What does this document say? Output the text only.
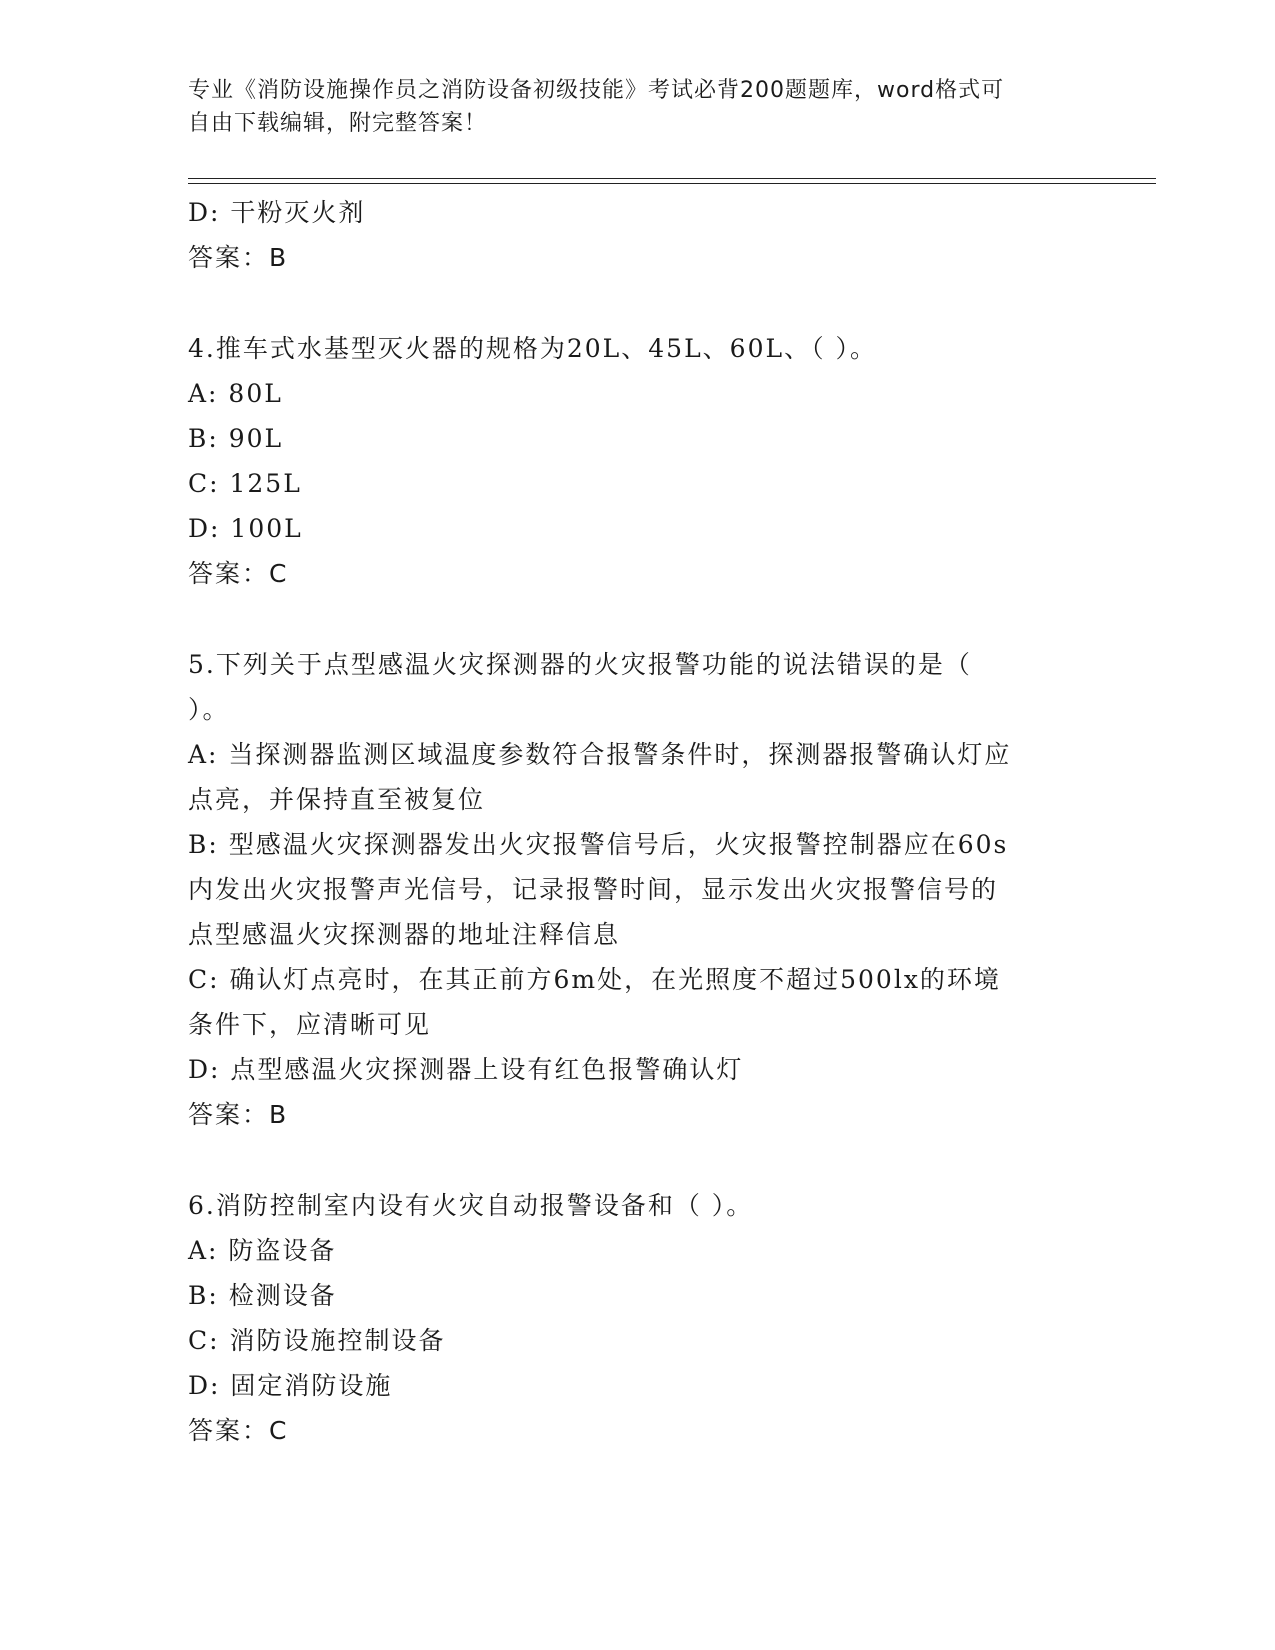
专业《消防设施操作员之消防设备初级技能》考试必背200题题库，word格式可
自由下载编辑，附完整答案！
D: 干粉灭火剂
答案：B
4.推车式水基型灭火器的规格为20L、45L、60L、（ ）。
A: 80L
B: 90L
C: 125L
D: 100L
答案：C
5.下列关于点型感温火灾探测器的火灾报警功能的说法错误的是（
）。
A: 当探测器监测区域温度参数符合报警条件时，探测器报警确认灯应
点亮，并保持直至被复位
B: 型感温火灾探测器发出火灾报警信号后，火灾报警控制器应在60s
内发出火灾报警声光信号，记录报警时间，显示发出火灾报警信号的
点型感温火灾探测器的地址注释信息
C: 确认灯点亮时，在其正前方6m处，在光照度不超过500lx的环境
条件下，应清晰可见
D: 点型感温火灾探测器上设有红色报警确认灯
答案：B
6.消防控制室内设有火灾自动报警设备和（ ）。
A: 防盗设备
B: 检测设备
C: 消防设施控制设备
D: 固定消防设施
答案：C
